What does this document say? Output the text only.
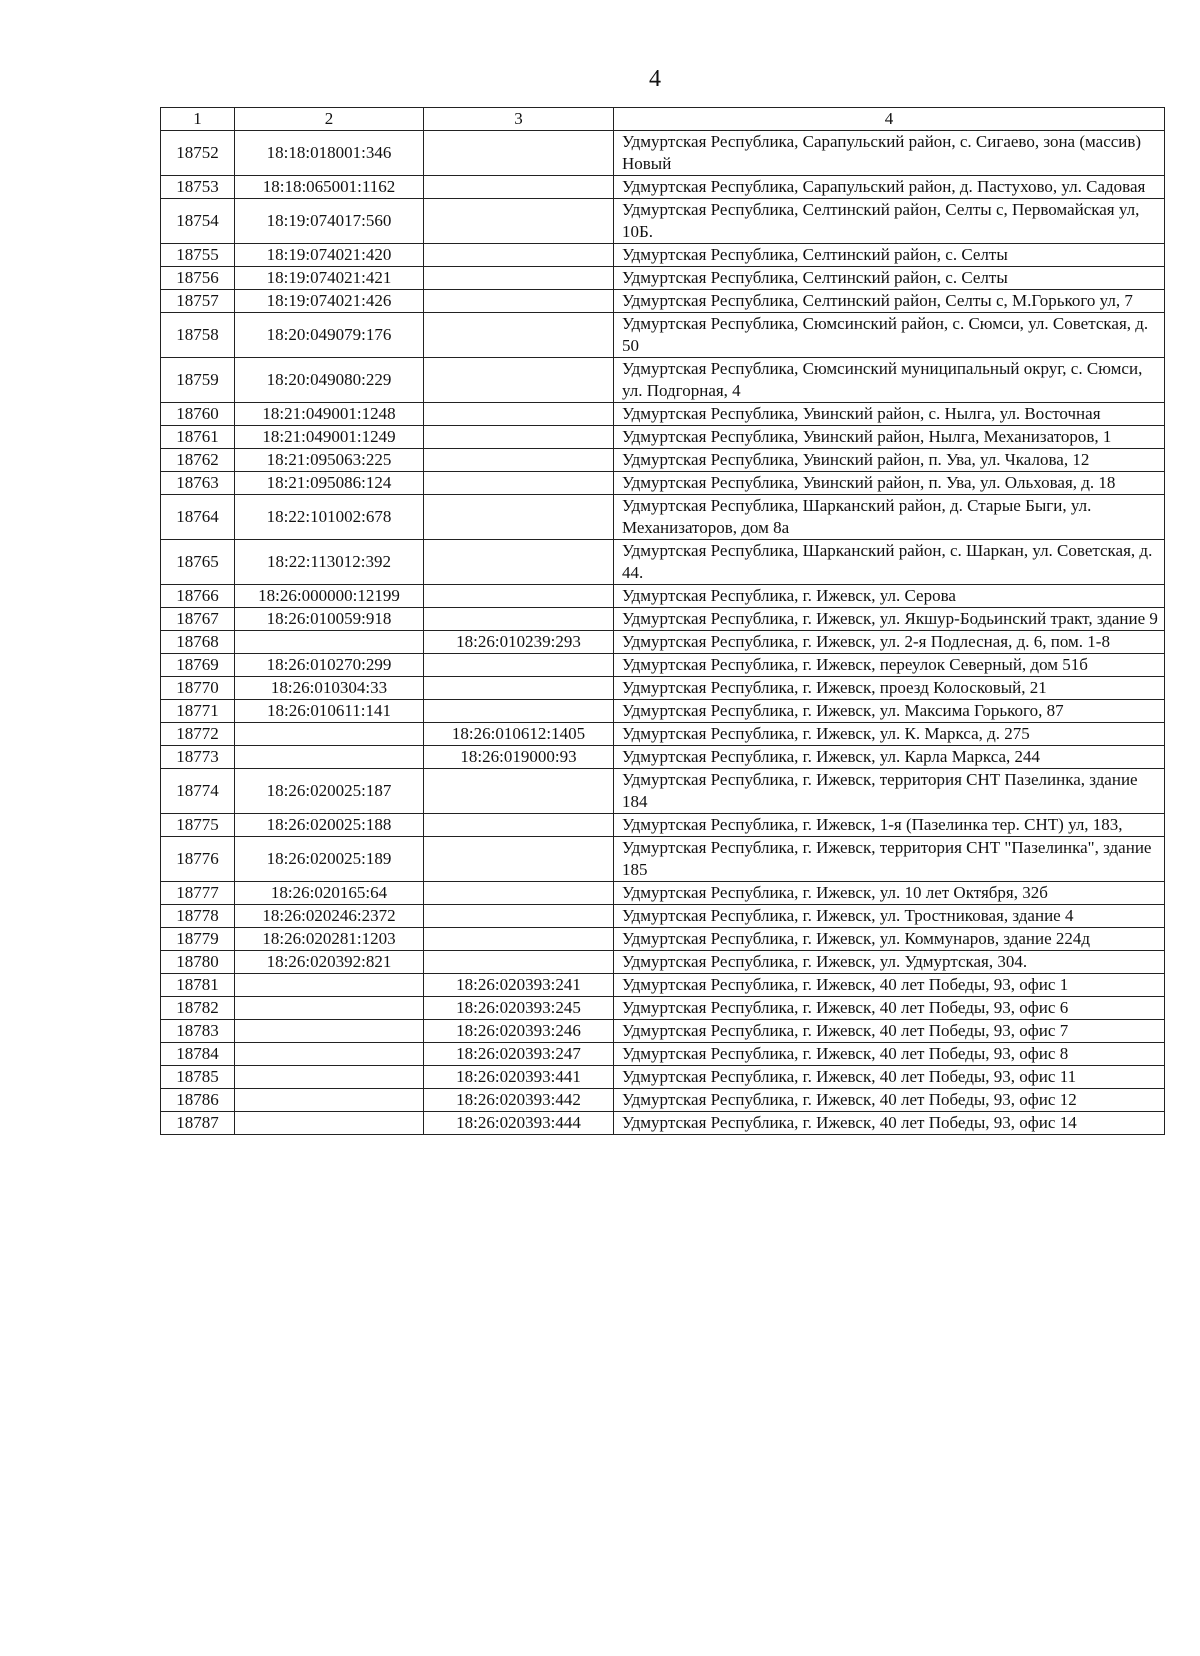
4
1	2	3	4
18752	18:18:018001:346		Удмуртская Республика, Сарапульский район, с. Сигаево, зона (массив) Новый
18753	18:18:065001:1162		Удмуртская Республика, Сарапульский район, д. Пастухово, ул. Садовая
18754	18:19:074017:560		Удмуртская Республика, Селтинский район, Селты с, Первомайская ул, 10Б.
18755	18:19:074021:420		Удмуртская Республика, Селтинский район, с. Селты
18756	18:19:074021:421		Удмуртская Республика, Селтинский район, с. Селты
18757	18:19:074021:426		Удмуртская Республика, Селтинский район, Селты с, М.Горького ул, 7
18758	18:20:049079:176		Удмуртская Республика, Сюмсинский район, с. Сюмси, ул. Советская, д. 50
18759	18:20:049080:229		Удмуртская Республика, Сюмсинский муниципальный округ, с. Сюмси, ул. Подгорная, 4
18760	18:21:049001:1248		Удмуртская Республика, Увинский район, с. Нылга, ул. Восточная
18761	18:21:049001:1249		Удмуртская Республика, Увинский район, Нылга, Механизаторов, 1
18762	18:21:095063:225		Удмуртская Республика, Увинский район, п. Ува, ул. Чкалова, 12
18763	18:21:095086:124		Удмуртская Республика, Увинский район, п. Ува, ул. Ольховая, д. 18
18764	18:22:101002:678		Удмуртская Республика, Шарканский район, д. Старые Быги, ул. Механизаторов, дом 8а
18765	18:22:113012:392		Удмуртская Республика, Шарканский район, с. Шаркан, ул. Советская, д. 44.
18766	18:26:000000:12199		Удмуртская Республика, г. Ижевск, ул. Серова
18767	18:26:010059:918		Удмуртская Республика, г. Ижевск, ул. Якшур-Бодьинский тракт, здание 9
18768		18:26:010239:293	Удмуртская Республика, г. Ижевск, ул. 2-я Подлесная, д. 6, пом. 1-8
18769	18:26:010270:299		Удмуртская Республика, г. Ижевск, переулок Северный, дом 51б
18770	18:26:010304:33		Удмуртская Республика, г. Ижевск, проезд Колосковый, 21
18771	18:26:010611:141		Удмуртская Республика, г. Ижевск, ул. Максима Горького, 87
18772		18:26:010612:1405	Удмуртская Республика, г. Ижевск, ул. К. Маркса, д. 275
18773		18:26:019000:93	Удмуртская Республика, г. Ижевск, ул. Карла Маркса, 244
18774	18:26:020025:187		Удмуртская Республика, г. Ижевск, территория СНТ Пазелинка, здание 184
18775	18:26:020025:188		Удмуртская Республика, г. Ижевск, 1-я (Пазелинка тер. СНТ) ул, 183,
18776	18:26:020025:189		Удмуртская Республика, г. Ижевск, территория СНТ "Пазелинка", здание 185
18777	18:26:020165:64		Удмуртская Республика, г. Ижевск, ул. 10 лет Октября, 32б
18778	18:26:020246:2372		Удмуртская Республика, г. Ижевск, ул. Тростниковая, здание 4
18779	18:26:020281:1203		Удмуртская Республика, г. Ижевск, ул. Коммунаров, здание 224д
18780	18:26:020392:821		Удмуртская Республика, г. Ижевск, ул. Удмуртская, 304.
18781		18:26:020393:241	Удмуртская Республика, г. Ижевск, 40 лет Победы, 93, офис 1
18782		18:26:020393:245	Удмуртская Республика, г. Ижевск, 40 лет Победы, 93, офис 6
18783		18:26:020393:246	Удмуртская Республика, г. Ижевск, 40 лет Победы, 93, офис 7
18784		18:26:020393:247	Удмуртская Республика, г. Ижевск, 40 лет Победы, 93, офис 8
18785		18:26:020393:441	Удмуртская Республика, г. Ижевск, 40 лет Победы, 93, офис 11
18786		18:26:020393:442	Удмуртская Республика, г. Ижевск, 40 лет Победы, 93, офис 12
18787		18:26:020393:444	Удмуртская Республика, г. Ижевск, 40 лет Победы, 93, офис 14
